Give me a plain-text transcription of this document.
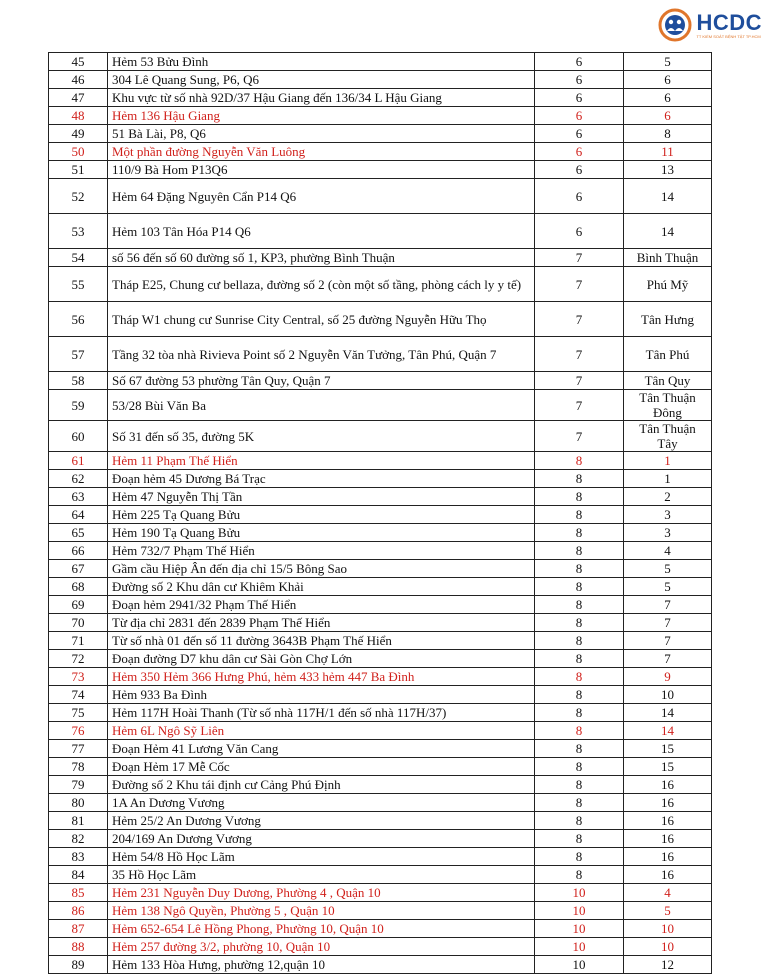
HCDC
TT KIỂM SOÁT BỆNH TẬT TP.HCM
45	Hẻm 53 Bửu Đình	6	5
46	304 Lê Quang Sung, P6, Q6	6	6
47	Khu vực từ số nhà 92D/37 Hậu Giang đến 136/34 L Hậu Giang	6	6
48	Hẻm 136 Hậu Giang	6	6
49	51 Bà Lài, P8, Q6	6	8
50	Một phần đường Nguyễn Văn Luông	6	11
51	110/9 Bà Hom P13Q6	6	13
52	Hẻm 64 Đặng Nguyên Cẩn P14 Q6	6	14
53	Hẻm 103 Tân Hóa P14 Q6	6	14
54	số 56 đến số 60 đường số 1, KP3, phường Bình Thuận	7	Bình Thuận
55	Tháp E25, Chung cư bellaza, đường số 2 (còn một số tầng, phòng cách ly y tế)	7	Phú Mỹ
56	Tháp W1 chung cư Sunrise City Central, số 25 đường Nguyễn Hữu Thọ	7	Tân Hưng
57	Tầng 32 tòa nhà Rivieva Point số 2 Nguyễn Văn Tưởng, Tân Phú, Quận 7	7	Tân Phú
58	Số 67 đường 53 phường Tân Quy, Quận 7	7	Tân Quy
59	53/28 Bùi Văn Ba	7	Tân Thuận Đông
60	Số 31 đến số 35, đường 5K	7	Tân Thuận Tây
61	Hẻm 11 Phạm Thế Hiển	8	1
62	Đoạn hẻm 45 Dương Bá Trạc	8	1
63	Hẻm 47 Nguyễn Thị Tần	8	2
64	Hẻm 225 Tạ Quang Bửu	8	3
65	Hẻm 190 Tạ Quang Bửu	8	3
66	Hẻm 732/7 Phạm Thế Hiển	8	4
67	Gầm cầu Hiệp Ân đến địa chỉ 15/5 Bông Sao	8	5
68	Đường số 2 Khu dân cư Khiêm Khải	8	5
69	Đoạn hẻm 2941/32 Phạm Thế Hiển	8	7
70	Từ địa chỉ 2831 đến 2839 Phạm Thế Hiển	8	7
71	Từ số nhà 01 đến số 11 đường 3643B Phạm Thế Hiển	8	7
72	Đoạn đường D7 khu dân cư Sài Gòn Chợ Lớn	8	7
73	Hẻm 350 Hẻm 366 Hưng Phú, hẻm 433 hẻm 447 Ba Đình	8	9
74	Hẻm 933 Ba Đình	8	10
75	Hẻm 117H Hoài Thanh (Từ số nhà 117H/1 đến số nhà 117H/37)	8	14
76	Hẻm 6L Ngô Sỹ Liên	8	14
77	Đoạn Hẻm 41 Lương Văn Cang	8	15
78	Đoạn Hẻm 17 Mễ Cốc	8	15
79	Đường số 2 Khu tái định cư Cảng Phú Định	8	16
80	1A An Dương Vương	8	16
81	Hẻm 25/2 An Dương Vương	8	16
82	204/169 An Dương Vương	8	16
83	Hẻm 54/8 Hồ Học Lãm	8	16
84	35 Hồ Học Lãm	8	16
85	Hẻm 231 Nguyễn Duy Dương, Phường 4 , Quận 10	10	4
86	Hẻm 138 Ngô Quyền, Phường 5 , Quận 10	10	5
87	Hẻm 652-654 Lê Hồng Phong, Phường 10, Quận 10	10	10
88	Hẻm 257 đường 3/2, phường 10, Quận 10	10	10
89	Hẻm 133 Hòa Hưng, phường 12,quận 10	10	12
